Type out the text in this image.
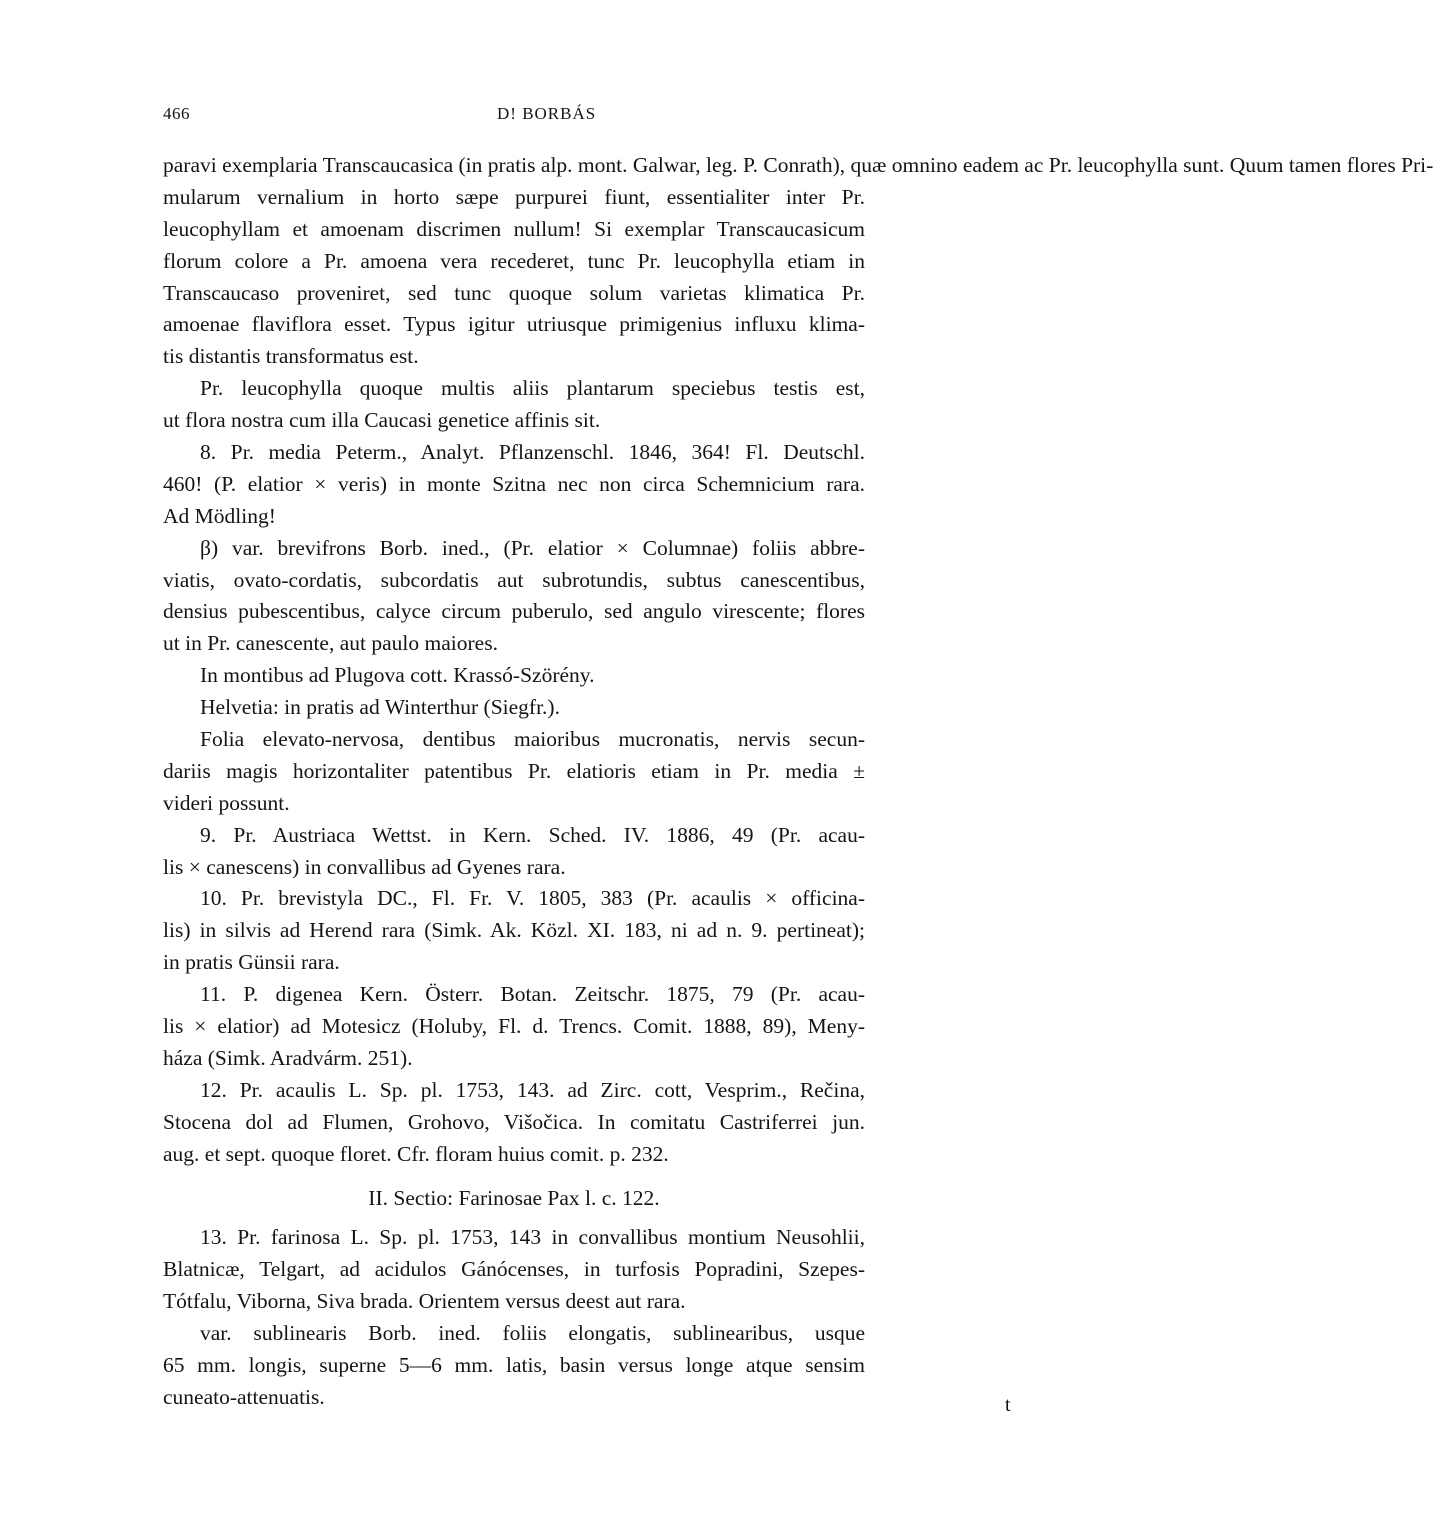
466	D! BORBÁS
paravi exemplaria Transcaucasica (in pratis alp. mont. Galwar, leg. P. Conrath), quæ omnino eadem ac Pr. leucophylla sunt. Quum tamen flores Pri-
mularum vernalium in horto sæpe purpurei fiunt, essentialiter inter Pr.
leucophyllam et amoenam discrimen nullum! Si exemplar Transcaucasicum
florum colore a Pr. amoena vera recederet, tunc Pr. leucophylla etiam in
Transcaucaso proveniret, sed tunc quoque solum varietas klimatica Pr.
amoenae flaviflora esset. Typus igitur utriusque primigenius influxu klima-
tis distantis transformatus est.
Pr. leucophylla quoque multis aliis plantarum speciebus testis est,
ut flora nostra cum illa Caucasi genetice affinis sit.
8. Pr. media Peterm., Analyt. Pflanzenschl. 1846, 364! Fl. Deutschl.
460! (P. elatior × veris) in monte Szitna nec non circa Schemnicium rara.
Ad Mödling!
β) var. brevifrons Borb. ined., (Pr. elatior × Columnae) foliis abbre-
viatis, ovato-cordatis, subcordatis aut subrotundis, subtus canescentibus,
densius pubescentibus, calyce circum puberulo, sed angulo virescente; flores
ut in Pr. canescente, aut paulo maiores.
In montibus ad Plugova cott. Krassó-Szörény.
Helvetia: in pratis ad Winterthur (Siegfr.).
Folia elevato-nervosa, dentibus maioribus mucronatis, nervis secun-
dariis magis horizontaliter patentibus Pr. elatioris etiam in Pr. media ±
videri possunt.
9. Pr. Austriaca Wettst. in Kern. Sched. IV. 1886, 49 (Pr. acau-
lis × canescens) in convallibus ad Gyenes rara.
10. Pr. brevistyla DC., Fl. Fr. V. 1805, 383 (Pr. acaulis × officina-
lis) in silvis ad Herend rara (Simk. Ak. Közl. XI. 183, ni ad n. 9. pertineat);
in pratis Günsii rara.
11. P. digenea Kern. Österr. Botan. Zeitschr. 1875, 79 (Pr. acau-
lis × elatior) ad Motesicz (Holuby, Fl. d. Trencs. Comit. 1888, 89), Meny-
háza (Simk. Aradvárm. 251).
12. Pr. acaulis L. Sp. pl. 1753, 143. ad Zirc. cott, Vesprim., Rečina,
Stocena dol ad Flumen, Grohovo, Višočica. In comitatu Castriferrei jun.
aug. et sept. quoque floret. Cfr. floram huius comit. p. 232.
II. Sectio: Farinosae Pax l. c. 122.
13. Pr. farinosa L. Sp. pl. 1753, 143 in convallibus montium Neusohlii,
Blatnicæ, Telgart, ad acidulos Gánócenses, in turfosis Popradini, Szepes-
Tótfalu, Viborna, Siva brada. Orientem versus deest aut rara.
var. sublinearis Borb. ined. foliis elongatis, sublinearibus, usque
65 mm. longis, superne 5—6 mm. latis, basin versus longe atque sensim
cuneato-attenuatis.	t
